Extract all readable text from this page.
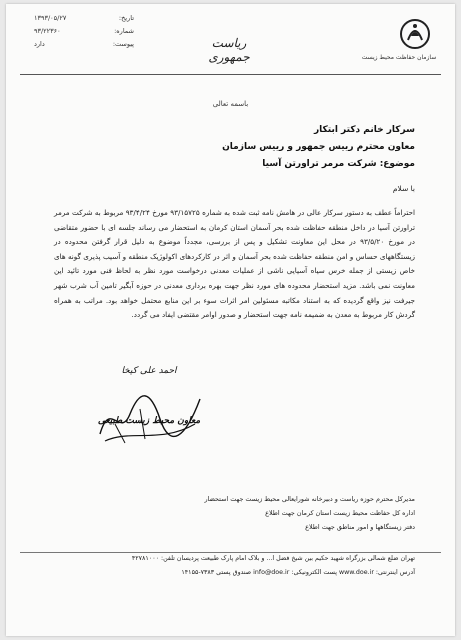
تاریخ:
۱۳۹۳/۰۵/۲۷
شماره:
۹۳/۲۲۳۶۰
پیوست:
دارد	ریاست جمهوری	سازمان حفاظت محیط زیست
باسمه تعالی
سرکار خانم دکتر ابتکار
معاون محترم رییس جمهور و رییس سازمان
موضوع: شرکت مرمر تراورتن آسیا
با سلام
احتراماً عطف به دستور سرکار عالی در هامش نامه ثبت شده به شماره ۹۳/۱۵۷۲۵ مورخ ۹۳/۴/۲۴ مربوط به شرکت مرمر تراورتن آسیا در داخل منطقه حفاظت شده بحر آسمان استان کرمان به استحضار می رساند جلسه ای با حضور متقاضی در مورخ ۹۳/۵/۲۰ در محل این معاونت تشکیل و پس از بررسی، مجدداً موضوع به دلیل قرار گرفتن محدوده در زیستگاههای حساس و امن منطقه حفاظت شده بحر آسمان و اثر در کارکردهای اکولوژیک منطقه و آسیب پذیری گونه های خاص زیستی از جمله خرس سیاه آسیایی ناشی از عملیات معدنی درخواست مورد نظر به لحاظ فنی مورد تائید این معاونت نمی باشد. مزید استحضار محدوده های مورد نظر جهت بهره برداری معدنی در حوزه آبگیر تامین آب شرب شهر جیرفت نیز واقع گردیده که به استناد مکاتبه مسئولین امر اثرات سوء بر این منابع محتمل خواهد بود. مراتب به همراه گردش کار مربوط به معدن به ضمیمه نامه جهت استحضار و صدور اوامر مقتضی ایفاد می گردد.
احمد علی کیخا
معاون محیط زیست طبیعی
مدیرکل محترم حوزه ریاست و دبیرخانه شورایعالی محیط زیست جهت استحضار
اداره کل حفاظت محیط زیست استان کرمان جهت اطلاع
دفتر زیستگاهها و امور مناطق جهت اطلاع
تهران ضلع شمالی بزرگراه شهید حکیم بین شیخ فضل ا... و بلاک امام پارک طبیعت پردیسان تلفن: ۴۲۷۸۱۰۰۰
آدرس اینترنتی: www.doe.ir پست الکترونیکی: info@doe.ir صندوق پستی ۷۳۸۳-۱۴۱۵۵
